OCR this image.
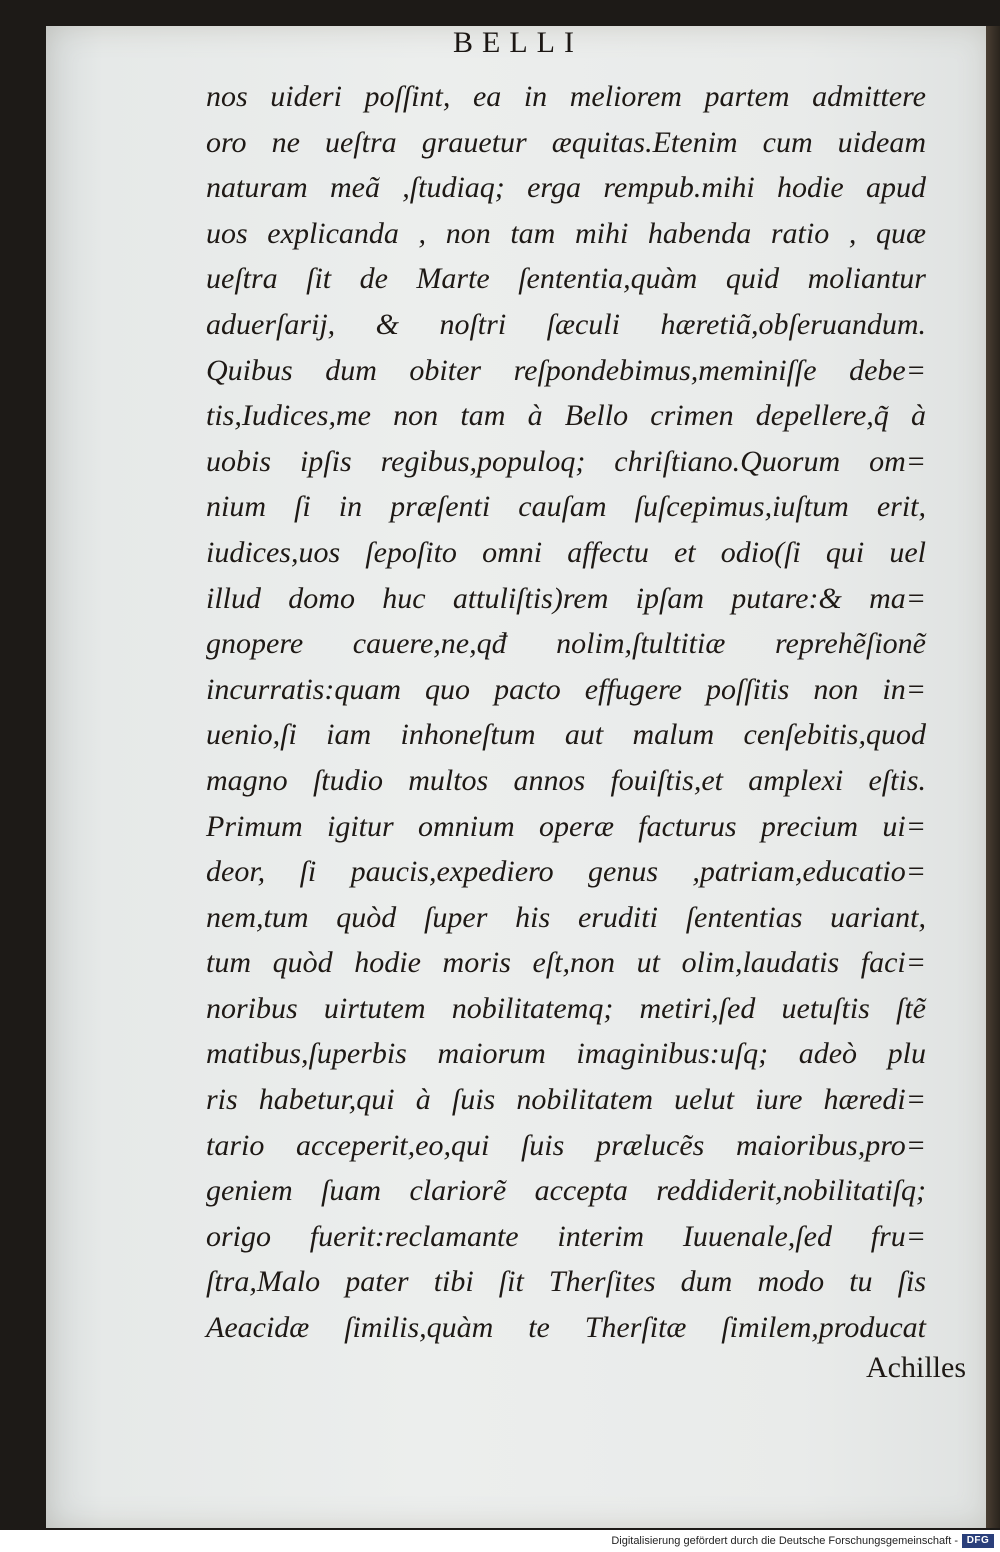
BELLI
nos uideri poſſint, ea in meliorem partem admittere
oro ne ueſtra grauetur æquitas.Etenim cum uideam
naturam meã ,ſtudiaq; erga rempub.mihi hodie apud
uos explicanda , non tam mihi habenda ratio , quæ
ueſtra ſit de Marte ſententia,quàm quid moliantur
aduerſarij, & noſtri ſæculi hæretiã,obſeruandum.
Quibus dum obiter reſpondebimus,meminiſſe debe=
tis,Iudices,me non tam à Bello crimen depellere,q̃ à
uobis ipſis regibus,populoq; chriſtiano.Quorum om=
nium ſi in præſenti cauſam ſuſcepimus,iuſtum erit,
iudices,uos ſepoſito omni affectu et odio(ſi qui uel
illud domo huc attuliſtis)rem ipſam putare:& ma=
gnopere cauere,ne,qđ nolim,ſtultitiæ reprehẽſionẽ
incurratis:quam quo pacto effugere poſſitis non in=
uenio,ſi iam inhoneſtum aut malum cenſebitis,quod
magno ſtudio multos annos fouiſtis,et amplexi eſtis.
Primum igitur omnium operæ facturus precium ui=
deor, ſi paucis,expediero genus ,patriam,educatio=
nem,tum quòd ſuper his eruditi ſententias uariant,
tum quòd hodie moris eſt,non ut olim,laudatis faci=
noribus uirtutem nobilitatemq; metiri,ſed uetuſtis ſtẽ
matibus,ſuperbis maiorum imaginibus:uſq; adeò plu
ris habetur,qui à ſuis nobilitatem uelut iure hæredi=
tario acceperit,eo,qui ſuis prælucẽs maioribus,pro=
geniem ſuam clariorẽ accepta reddiderit,nobilitatiſq;
origo fuerit:reclamante interim Iuuenale,ſed fru=
ſtra,Malo pater tibi ſit Therſites dum modo tu ſis
Aeacidæ ſimilis,quàm te Therſitæ ſimilem,producat
Achilles
Digitalisierung gefördert durch die Deutsche Forschungsgemeinschaft - DFG
